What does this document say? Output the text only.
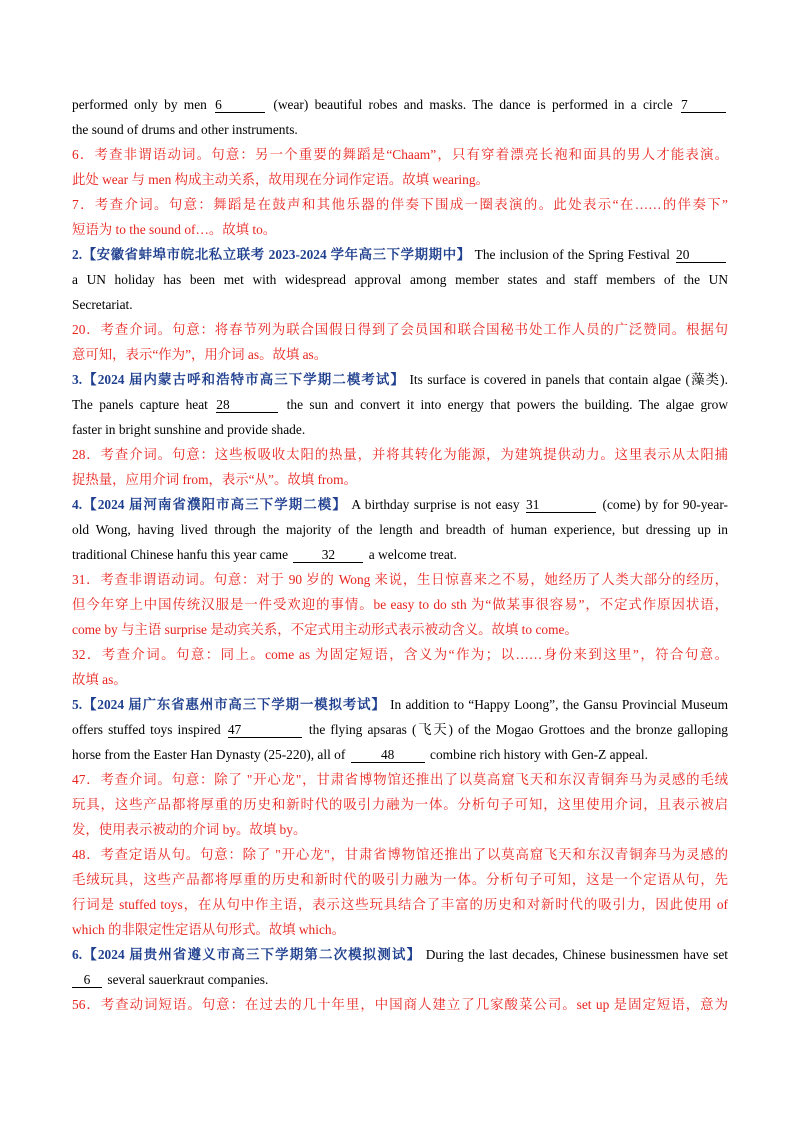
performed only by men 6	(wear) beautiful robes and masks. The dance is performed in a circle 7
the sound of drums and other instruments.
6．考查非谓语动词。句意：另一个重要的舞蹈是“Chaam”，只有穿着漂亮长袍和面具的男人才能表演。
此处 wear 与 men 构成主动关系，故用现在分词作定语。故填 wearing。
7．考查介词。句意：舞蹈是在鼓声和其他乐器的伴奏下围成一圈表演的。此处表示“在……的伴奏下”
短语为 to the sound of…。故填 to。
2.【安徽省蚌埠市皖北私立联考 2023-2024 学年高三下学期期中】 The inclusion of the Spring Festival 20
a UN holiday has been met with widespread approval among member states and staff members of the UN
Secretariat.
20．考查介词。句意：将春节列为联合国假日得到了会员国和联合国秘书处工作人员的广泛赞同。根据句
意可知，表示“作为”，用介词 as。故填 as。
3.【2024 届内蒙古呼和浩特市高三下学期二模考试】 Its surface is covered in panels that contain algae (藻类).
The panels capture heat 28	the sun and convert it into energy that powers the building. The algae grow
faster in bright sunshine and provide shade.
28．考查介词。句意：这些板吸收太阳的热量，并将其转化为能源，为建筑提供动力。这里表示从太阳捕
捉热量，应用介词 from，表示“从”。故填 from。
4.【2024 届河南省濮阳市高三下学期二模】 A birthday surprise is not easy 31	(come) by for 90-year-
old Wong, having lived through the majority of the length and breadth of human experience, but dressing up in
traditional Chinese hanfu this year came	32	a welcome treat.
31．考查非谓语动词。句意：对于 90 岁的 Wong 来说，生日惊喜来之不易，她经历了人类大部分的经历，
但今年穿上中国传统汉服是一件受欢迎的事情。be easy to do sth 为“做某事很容易”，不定式作原因状语，
come by 与主语 surprise 是动宾关系，不定式用主动形式表示被动含义。故填 to come。
32．考查介词。句意：同上。come as 为固定短语，含义为“作为；以……身份来到这里”，符合句意。
故填 as。
5.【2024 届广东省惠州市高三下学期一模拟考试】 In addition to “Happy Loong”, the Gansu Provincial Museum
offers stuffed toys inspired 47	the flying apsaras (飞天) of the Mogao Grottoes and the bronze galloping
horse from the Easter Han Dynasty (25-220), all of	48	combine rich history with Gen-Z appeal.
47．考查介词。句意：除了 "开心龙"，甘肃省博物馆还推出了以莫高窟飞天和东汉青铜奔马为灵感的毛绒
玩具，这些产品都将厚重的历史和新时代的吸引力融为一体。分析句子可知，这里使用介词，且表示被启
发，使用表示被动的介词 by。故填 by。
48．考查定语从句。句意：除了 "开心龙"，甘肃省博物馆还推出了以莫高窟飞天和东汉青铜奔马为灵感的
毛绒玩具，这些产品都将厚重的历史和新时代的吸引力融为一体。分析句子可知，这是一个定语从句，先
行词是 stuffed toys，在从句中作主语，表示这些玩具结合了丰富的历史和对新时代的吸引力，因此使用 of
which 的非限定性定语从句形式。故填 which。
6.【2024 届贵州省遵义市高三下学期第二次模拟测试】 During the last decades, Chinese businessmen have set
6 several sauerkraut companies.
56．考查动词短语。句意：在过去的几十年里，中国商人建立了几家酸菜公司。set up 是固定短语，意为
